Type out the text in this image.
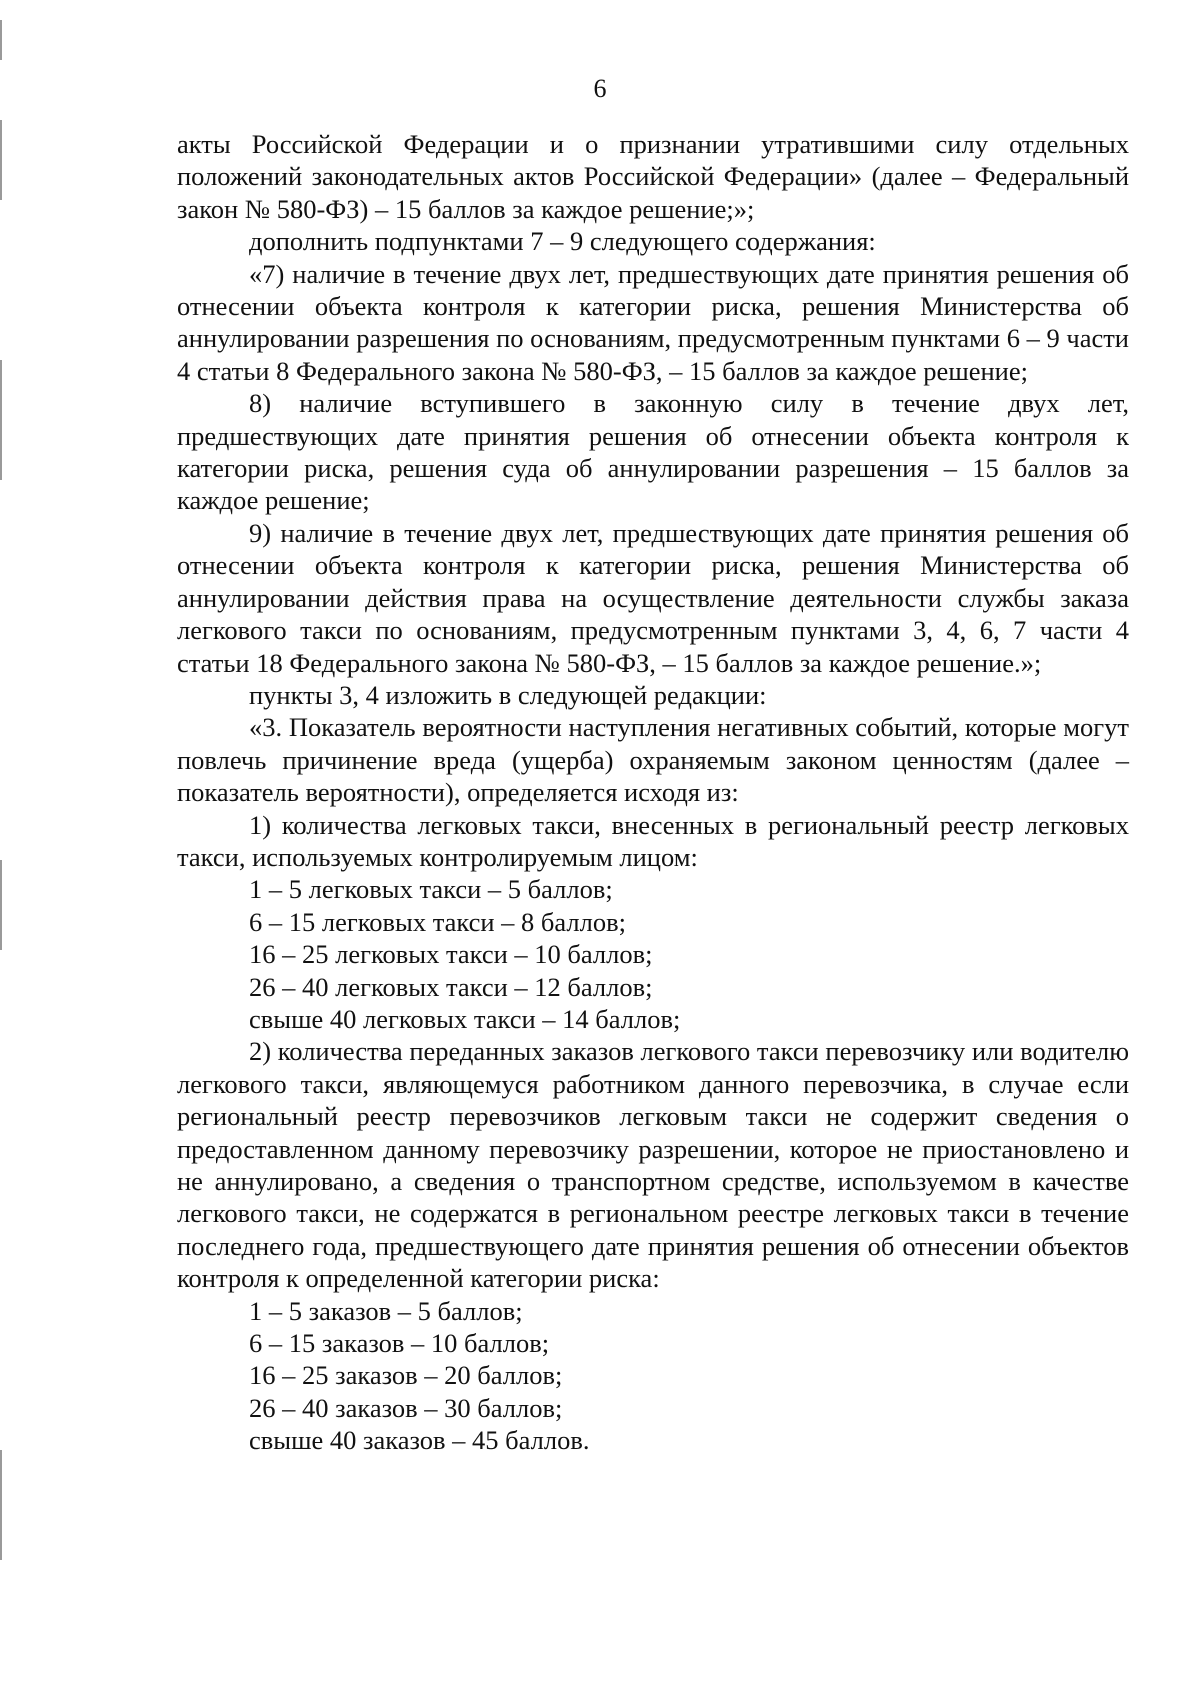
6

акты Российской Федерации и о признании утратившими силу отдельных положений законодательных актов Российской Федерации» (далее – Федеральный закон № 580-ФЗ) – 15 баллов за каждое решение;»;

дополнить подпунктами 7 – 9 следующего содержания:

«7) наличие в течение двух лет, предшествующих дате принятия решения об отнесении объекта контроля к категории риска, решения Министерства об аннулировании разрешения по основаниям, предусмотренным пунктами 6 – 9 части 4 статьи 8 Федерального закона № 580-ФЗ, – 15 баллов за каждое решение;

8) наличие вступившего в законную силу в течение двух лет, предшествующих дате принятия решения об отнесении объекта контроля к категории риска, решения суда об аннулировании разрешения – 15 баллов за каждое решение;

9) наличие в течение двух лет, предшествующих дате принятия решения об отнесении объекта контроля к категории риска, решения Министерства об аннулировании действия права на осуществление деятельности службы заказа легкового такси по основаниям, предусмотренным пунктами 3, 4, 6, 7 части 4 статьи 18 Федерального закона № 580-ФЗ, – 15 баллов за каждое решение.»;

пункты 3, 4 изложить в следующей редакции:

«3. Показатель вероятности наступления негативных событий, которые могут повлечь причинение вреда (ущерба) охраняемым законом ценностям (далее – показатель вероятности), определяется исходя из:

1) количества легковых такси, внесенных в региональный реестр легковых такси, используемых контролируемым лицом:

1 – 5 легковых такси – 5 баллов;

6 – 15 легковых такси – 8 баллов;

16 – 25 легковых такси – 10 баллов;

26 – 40 легковых такси – 12 баллов;

свыше 40 легковых такси – 14 баллов;

2) количества переданных заказов легкового такси перевозчику или водителю легкового такси, являющемуся работником данного перевозчика, в случае если региональный реестр перевозчиков легковым такси не содержит сведения о предоставленном данному перевозчику разрешении, которое не приостановлено и не аннулировано, а сведения о транспортном средстве, используемом в качестве легкового такси, не содержатся в региональном реестре легковых такси в течение последнего года, предшествующего дате принятия решения об отнесении объектов контроля к определенной категории риска:

1 – 5 заказов – 5 баллов;

6 – 15 заказов – 10 баллов;

16 – 25 заказов – 20 баллов;

26 – 40 заказов – 30 баллов;

свыше 40 заказов – 45 баллов.
